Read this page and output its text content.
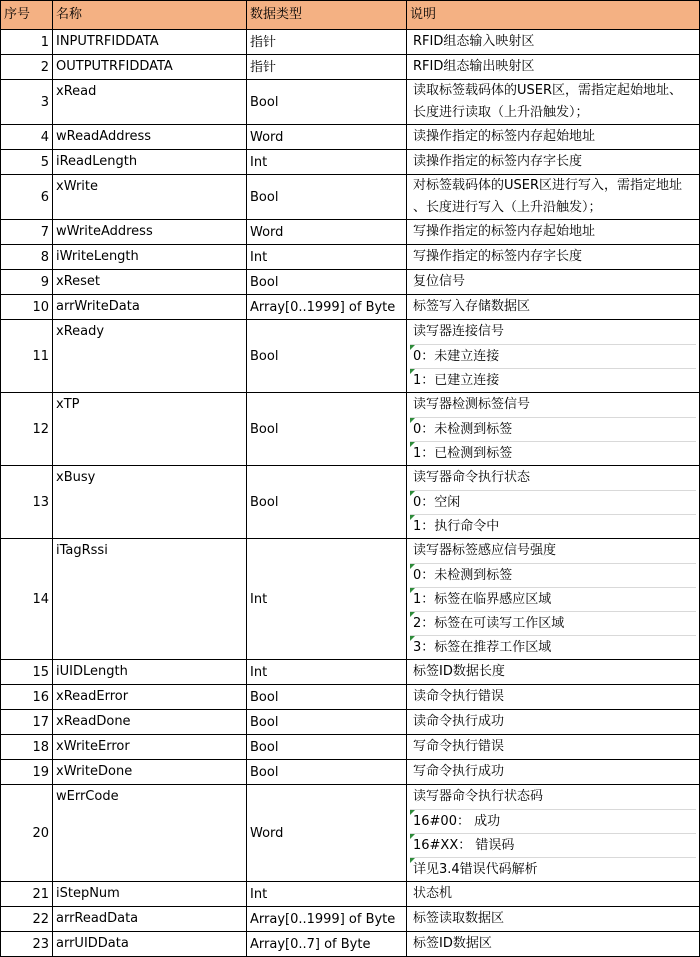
序号	名称	数据类型	说明
1	INPUTRFIDDATA	指针	RFID组态输入映射区

2	OUTPUTRFIDDATA	指针	RFID组态输出映射区

3	xRead	Bool	读取标签载码体的USER区，需指定起始地址、
长度进行读取（上升沿触发）；

4	wReadAddress	Word	读操作指定的标签内存起始地址

5	iReadLength	Int	读操作指定的标签内存字长度

6	xWrite	Bool	对标签载码体的USER区进行写入，需指定地址
、长度进行写入（上升沿触发）；

7	wWriteAddress	Word	写操作指定的标签内存起始地址

8	iWriteLength	Int	写操作指定的标签内存字长度

9	xReset	Bool	复位信号

10	arrWriteData	Array[0..1999] of Byte	标签写入存储数据区

11	xReady	Bool	读写器连接信号
0：未建立连接
1：已建立连接

12	xTP	Bool	读写器检测标签信号
0：未检测到标签
1：已检测到标签

13	xBusy	Bool	读写器命令执行状态
0：空闲
1：执行命令中

14	iTagRssi	Int	读写器标签感应信号强度
0：未检测到标签
1：标签在临界感应区域
2：标签在可读写工作区域
3：标签在推荐工作区域

15	iUIDLength	Int	标签ID数据长度

16	xReadError	Bool	读命令执行错误

17	xReadDone	Bool	读命令执行成功

18	xWriteError	Bool	写命令执行错误

19	xWriteDone	Bool	写命令执行成功

20	wErrCode	Word	读写器命令执行状态码
16#00： 成功
16#XX： 错误码
详见3.4错误代码解析

21	iStepNum	Int	状态机

22	arrReadData	Array[0..1999] of Byte	标签读取数据区

23	arrUIDData	Array[0..7] of Byte	标签ID数据区
